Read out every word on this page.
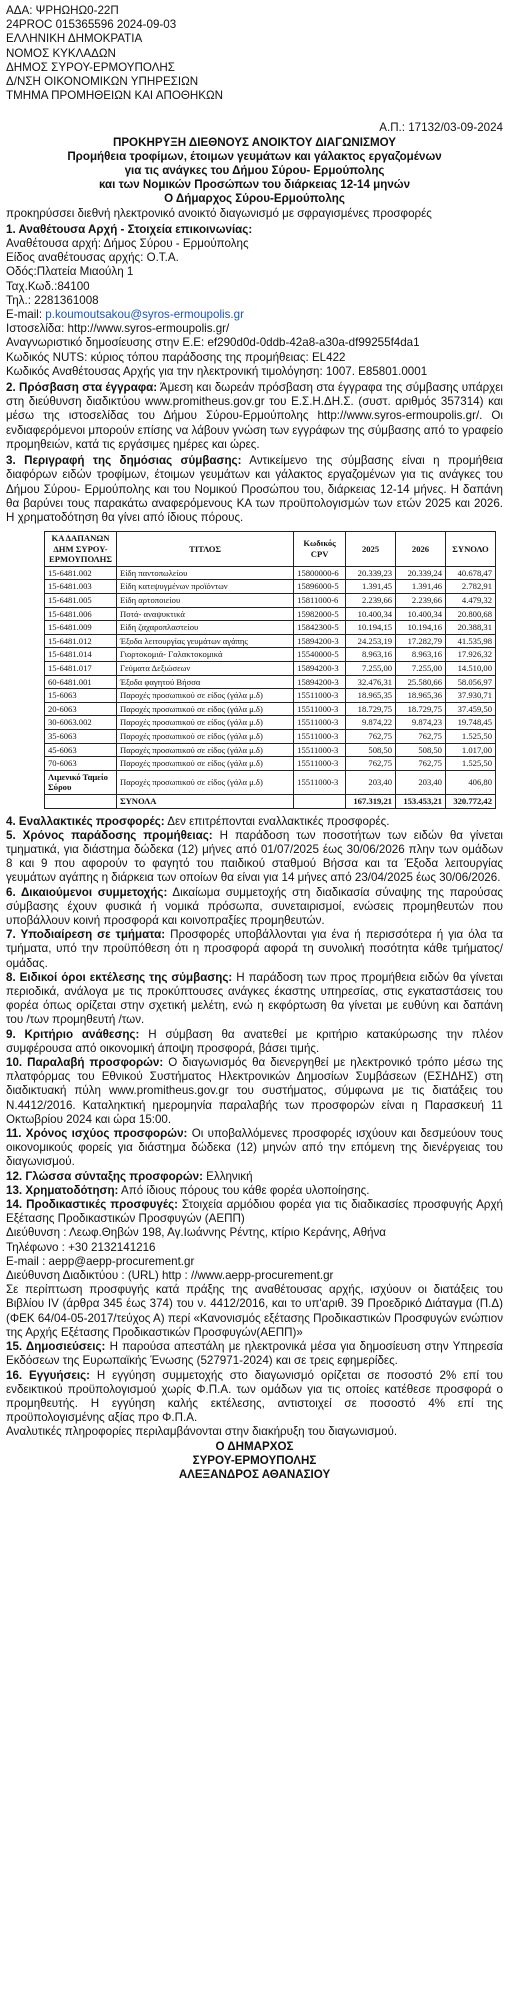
ΑΔΑ: ΨΡΗΩΗΩ0-22Π
24PROC 015365596 2024-09-03
ΕΛΛΗΝΙΚΗ ΔΗΜΟΚΡΑΤΙΑ
ΝΟΜΟΣ ΚΥΚΛΑΔΩΝ
ΔΗΜΟΣ ΣΥΡΟΥ-ΕΡΜΟΥΠΟΛΗΣ
Δ/ΝΣΗ ΟΙΚΟΝΟΜΙΚΩΝ ΥΠΗΡΕΣΙΩΝ
ΤΜΗΜΑ ΠΡΟΜΗΘΕΙΩΝ ΚΑΙ ΑΠΟΘΗΚΩΝ
Α.Π.: 17132/03-09-2024
ΠΡΟΚΗΡΥΞΗ ΔΙΕΘΝΟΥΣ ΑΝΟΙΚΤΟΥ ΔΙΑΓΩΝΙΣΜΟΥ
Προμήθεια τροφίμων, έτοιμων γευμάτων και γάλακτος εργαζομένων
για τις ανάγκες του Δήμου Σύρου- Ερμούπολης
και των Νομικών Προσώπων του διάρκειας 12-14 μηνών
Ο Δήμαρχος Σύρου-Ερμούπολης
προκηρύσσει διεθνή ηλεκτρονικό ανοικτό διαγωνισμό με σφραγισμένες προσφορές
1. Αναθέτουσα Αρχή - Στοιχεία επικοινωνίας:
Αναθέτουσα αρχή: Δήμος Σύρου - Ερμούπολης
Είδος αναθέτουσας αρχής: Ο.Τ.Α.
Οδός:Πλατεία Μιαούλη 1
Ταχ.Κωδ.:84100
Τηλ.: 2281361008
E-mail: p.koumoutsakou@syros-ermoupolis.gr
Ιστοσελίδα: http://www.syros-ermoupolis.gr/
Αναγνωριστικό δημοσίευσης στην Ε.Ε: ef290d0d-0ddb-42a8-a30a-df99255f4da1
Κωδικός NUTS: κύριος τόπου παράδοσης της προμήθειας: EL422
Κωδικός Αναθέτουσας Αρχής για την ηλεκτρονική τιμολόγηση: 1007. E85801.0001
2. Πρόσβαση στα έγγραφα: Άμεση και δωρεάν πρόσβαση στα έγγραφα της σύμβασης υπάρχει στη διεύθυνση διαδικτύου www.promitheus.gov.gr του Ε.Σ.Η.ΔΗ.Σ. (συστ. αριθμός 357314) και μέσω της ιστοσελίδας του Δήμου Σύρου-Ερμούπολης http://www.syros-ermoupolis.gr/. Οι ενδιαφερόμενοι μπορούν επίσης να λάβουν γνώση των εγγράφων της σύμβασης από το γραφείο προμηθειών, κατά τις εργάσιμες ημέρες και ώρες.
3. Περιγραφή της δημόσιας σύμβασης: Αντικείμενο της σύμβασης είναι η προμήθεια διαφόρων ειδών τροφίμων, έτοιμων γευμάτων και γάλακτος εργαζομένων για τις ανάγκες του Δήμου Σύρου- Ερμούπολης και του Νομικού Προσώπου του, διάρκειας 12-14 μήνες. Η δαπάνη θα βαρύνει τους παρακάτω αναφερόμενους ΚΑ των προϋπολογισμών των ετών 2025 και 2026. Η χρηματοδότηση θα γίνει από ίδιους πόρους.
ΚΑ ΔΑΠΑΝΩΝ ΔΗΜ ΣΥΡΟΥ-ΕΡΜΟΥΠΟΛΗΣ	ΤΙΤΛΟΣ	Κωδικός CPV	2025	2026	ΣΥΝΟΛΟ
15-6481.002	Είδη παντοπωλείου	15800000-6	20.339,23	20.339,24	40.678,47
15-6481.003	Είδη κατεψυγμένων προϊόντων	15896000-5	1.391,45	1.391,46	2.782,91
15-6481.005	Είδη αρτοποιείου	15811000-6	2.239,66	2.239,66	4.479,32
15-6481.006	Ποτά- αναψυκτικά	15982000-5	10.400,34	10.400,34	20.800,68
15-6481.009	Είδη ζαχαροπλαστείου	15842300-5	10.194,15	10.194,16	20.388,31
15-6481.012	Έξοδα λειτουργίας γευμάτων αγάπης	15894200-3	24.253,19	17.282,79	41.535,98
15-6481.014	Γιορτοκομιά- Γαλακτοκομικά	15540000-5	8.963,16	8.963,16	17.926,32
15-6481.017	Γεύματα Δεξιώσεων	15894200-3	7.255,00	7.255,00	14.510,00
60-6481.001	Έξοδα φαγητού Βήσσα	15894200-3	32.476,31	25.580,66	58.056,97
15-6063	Παροχές προσωπικού σε είδος (γάλα μ.δ)	15511000-3	18.965,35	18.965,36	37.930,71
20-6063	Παροχές προσωπικού σε είδος (γάλα μ.δ)	15511000-3	18.729,75	18.729,75	37.459,50
30-6063.002	Παροχές προσωπικού σε είδος (γάλα μ.δ)	15511000-3	9.874,22	9.874,23	19.748,45
35-6063	Παροχές προσωπικού σε είδος (γάλα μ.δ)	15511000-3	762,75	762,75	1.525,50
45-6063	Παροχές προσωπικού σε είδος (γάλα μ.δ)	15511000-3	508,50	508,50	1.017,00
70-6063	Παροχές προσωπικού σε είδος (γάλα μ.δ)	15511000-3	762,75	762,75	1.525,50
Λιμενικό Ταμείο Σύρου	Παροχές προσωπικού σε είδος (γάλα μ.δ)	15511000-3	203,40	203,40	406,80
	ΣΥΝΟΛΑ		167.319,21	153.453,21	320.772,42
4. Εναλλακτικές προσφορές: Δεν επιτρέπονται εναλλακτικές προσφορές.
5. Χρόνος παράδοσης προμήθειας: Η παράδοση των ποσοτήτων των ειδών θα γίνεται τμηματικά, για διάστημα δώδεκα (12) μήνες από 01/07/2025 έως 30/06/2026 πλην των ομάδων 8 και 9 που αφορούν το φαγητό του παιδικού σταθμού Βήσσα και τα Έξοδα λειτουργίας γευμάτων αγάπης η διάρκεια των οποίων θα είναι για 14 μήνες από 23/04/2025 έως 30/06/2026.
6. Δικαιούμενοι συμμετοχής: Δικαίωμα συμμετοχής στη διαδικασία σύναψης της παρούσας σύμβασης έχουν φυσικά ή νομικά πρόσωπα, συνεταιρισμοί, ενώσεις προμηθευτών που υποβάλλουν κοινή προσφορά και κοινοπραξίες προμηθευτών.
7. Υποδιαίρεση σε τμήματα: Προσφορές υποβάλλονται για ένα ή περισσότερα ή για όλα τα τμήματα, υπό την προϋπόθεση ότι η προσφορά αφορά τη συνολική ποσότητα κάθε τμήματος/ομάδας.
8. Ειδικοί όροι εκτέλεσης της σύμβασης: Η παράδοση των προς προμήθεια ειδών θα γίνεται περιοδικά, ανάλογα με τις προκύπτουσες ανάγκες έκαστης υπηρεσίας, στις εγκαταστάσεις του φορέα όπως ορίζεται στην σχετική μελέτη, ενώ η εκφόρτωση θα γίνεται με ευθύνη και δαπάνη του /των προμηθευτή /των.
9. Κριτήριο ανάθεσης: Η σύμβαση θα ανατεθεί με κριτήριο κατακύρωσης την πλέον συμφέρουσα από οικονομική άποψη προσφορά, βάσει τιμής.
10. Παραλαβή προσφορών: Ο διαγωνισμός θα διενεργηθεί με ηλεκτρονικό τρόπο μέσω της πλατφόρμας του Εθνικού Συστήματος Ηλεκτρονικών Δημοσίων Συμβάσεων (ΕΣΗΔΗΣ) στη διαδικτυακή πύλη www.promitheus.gov.gr του συστήματος, σύμφωνα με τις διατάξεις του Ν.4412/2016. Καταληκτική ημερομηνία παραλαβής των προσφορών είναι η Παρασκευή 11 Οκτωβρίου 2024 και ώρα 15:00.
11. Χρόνος ισχύος προσφορών: Οι υποβαλλόμενες προσφορές ισχύουν και δεσμεύουν τους οικονομικούς φορείς για διάστημα δώδεκα (12) μηνών από την επόμενη της διενέργειας του διαγωνισμού.
12. Γλώσσα σύνταξης προσφορών: Ελληνική
13. Χρηματοδότηση: Από ίδιους πόρους του κάθε φορέα υλοποίησης.
14. Προδικαστικές προσφυγές: Στοιχεία αρμόδιου φορέα για τις διαδικασίες προσφυγής Αρχή Εξέτασης Προδικαστικών Προσφυγών (ΑΕΠΠ)
Διεύθυνση : Λεωφ.Θηβών 198, Αγ.Ιωάννης Ρέντης, κτίριο Κεράνης, Αθήνα
Τηλέφωνο : +30 2132141216
E-mail : aepp@aepp-procurement.gr
Διεύθυνση Διαδικτύου : (URL) http : //www.aepp-procurement.gr
Σε περίπτωση προσφυγής κατά πράξης της αναθέτουσας αρχής, ισχύουν οι διατάξεις του Βιβλίου IV (άρθρα 345 έως 374) του ν. 4412/2016, και το υπ'αριθ. 39 Προεδρικό Διάταγμα (Π.Δ) (ΦΕΚ 64/04-05-2017/τεύχος Α) περί «Κανονισμός εξέτασης Προδικαστικών Προσφυγών ενώπιον της Αρχής Εξέτασης Προδικαστικών Προσφυγών(ΑΕΠΠ)»
15. Δημοσιεύσεις: Η παρούσα απεστάλη με ηλεκτρονικά μέσα για δημοσίευση στην Υπηρεσία Εκδόσεων της Ευρωπαϊκής Ένωσης (527971-2024) και σε τρεις εφημερίδες.
16. Εγγυήσεις: Η εγγύηση συμμετοχής στο διαγωνισμό ορίζεται σε ποσοστό 2% επί του ενδεικτικού προϋπολογισμού χωρίς Φ.Π.Α. των ομάδων για τις οποίες κατέθεσε προσφορά ο προμηθευτής. Η εγγύηση καλής εκτέλεσης, αντιστοιχεί σε ποσοστό 4% επί της προϋπολογισμένης αξίας προ Φ.Π.Α.
Αναλυτικές πληροφορίες περιλαμβάνονται στην διακήρυξη του διαγωνισμού.
Ο ΔΗΜΑΡΧΟΣ
ΣΥΡΟΥ-ΕΡΜΟΥΠΟΛΗΣ
ΑΛΕΞΑΝΔΡΟΣ ΑΘΑΝΑΣΙΟΥ
